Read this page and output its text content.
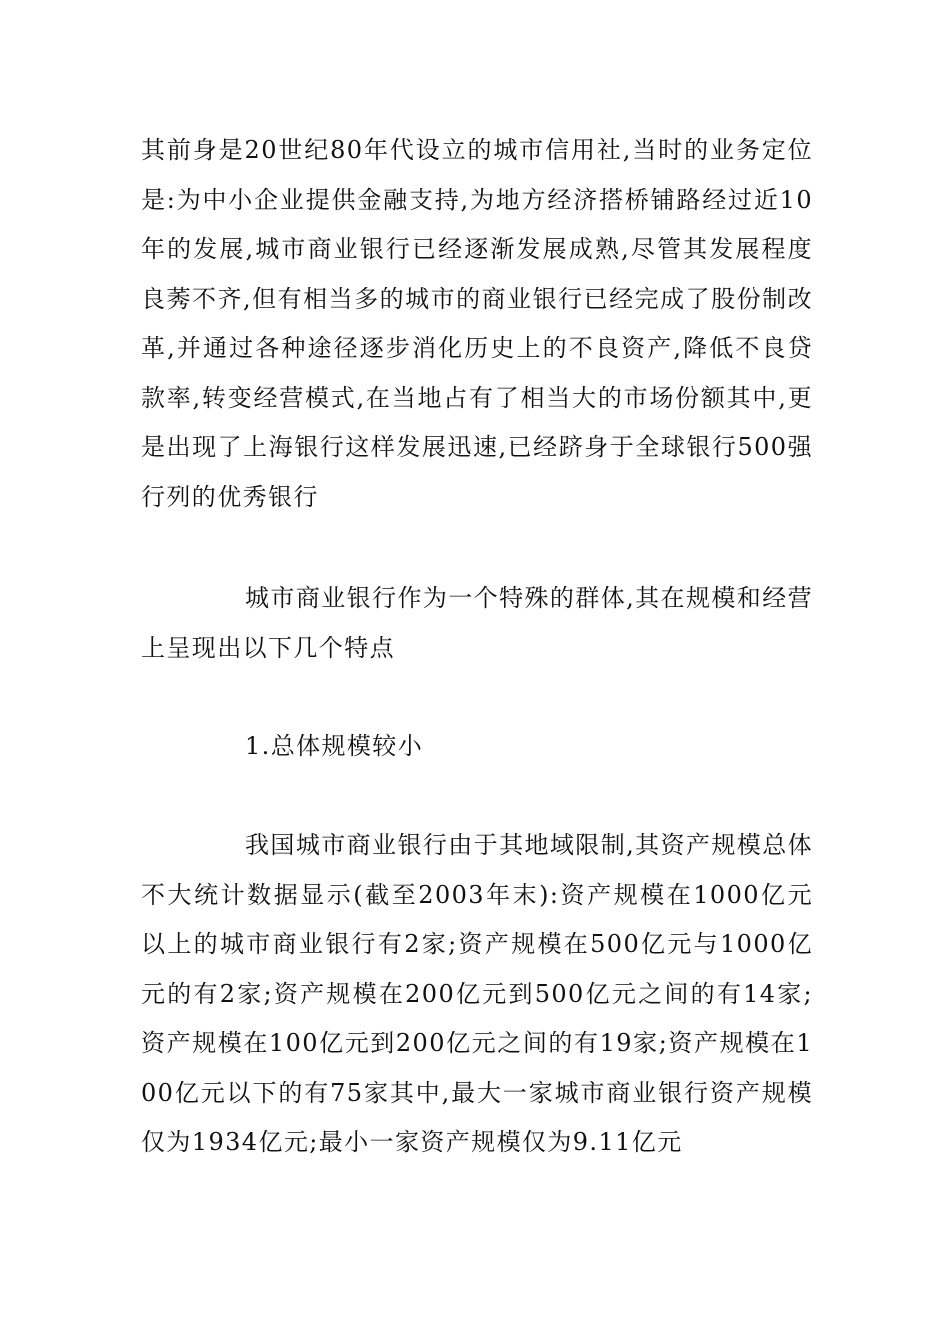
其前身是20世纪80年代设立的城市信用社,当时的业务定位是:为中小企业提供金融支持,为地方经济搭桥铺路经过近10年的发展,城市商业银行已经逐渐发展成熟,尽管其发展程度良莠不齐,但有相当多的城市的商业银行已经完成了股份制改革,并通过各种途径逐步消化历史上的不良资产,降低不良贷款率,转变经营模式,在当地占有了相当大的市场份额其中,更是出现了上海银行这样发展迅速,已经跻身于全球银行500强行列的优秀银行

城市商业银行作为一个特殊的群体,其在规模和经营上呈现出以下几个特点

1.总体规模较小

我国城市商业银行由于其地域限制,其资产规模总体不大统计数据显示(截至2003年末):资产规模在1000亿元以上的城市商业银行有2家;资产规模在500亿元与1000亿元的有2家;资产规模在200亿元到500亿元之间的有14家;资产规模在100亿元到200亿元之间的有19家;资产规模在100亿元以下的有75家其中,最大一家城市商业银行资产规模仅为1934亿元;最小一家资产规模仅为9.11亿元
